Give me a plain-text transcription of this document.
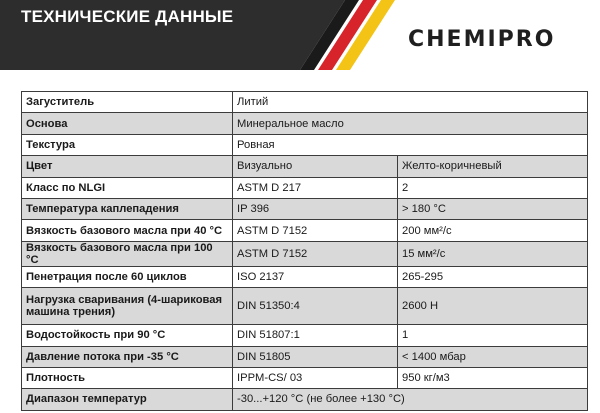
ТЕХНИЧЕСКИЕ ДАННЫЕ
CHEMIPRO
Загуститель	Литий	
Основа	Минеральное масло	
Текстура	Ровная	
Цвет	Визуально	Желто-коричневый
Класс по NLGI	ASTM D 217	2
Температура каплепадения	IP 396	> 180 °C
Вязкость базового масла при 40 °C	ASTM D 7152	200 мм²/с
Вязкость базового масла при 100 °C	ASTM D 7152	15 мм²/с
Пенетрация после 60 циклов	ISO 2137	265-295
Нагрузка сваривания (4-шариковая машина трения)	DIN 51350:4	2600 Н
Водостойкость при 90 °C	DIN 51807:1	1
Давление потока при -35 °C	DIN 51805	< 1400 мбар
Плотность	IPPM-CS/ 03	950 кг/м3
Диапазон температур	-30...+120 °C (не более +130 °C)	
